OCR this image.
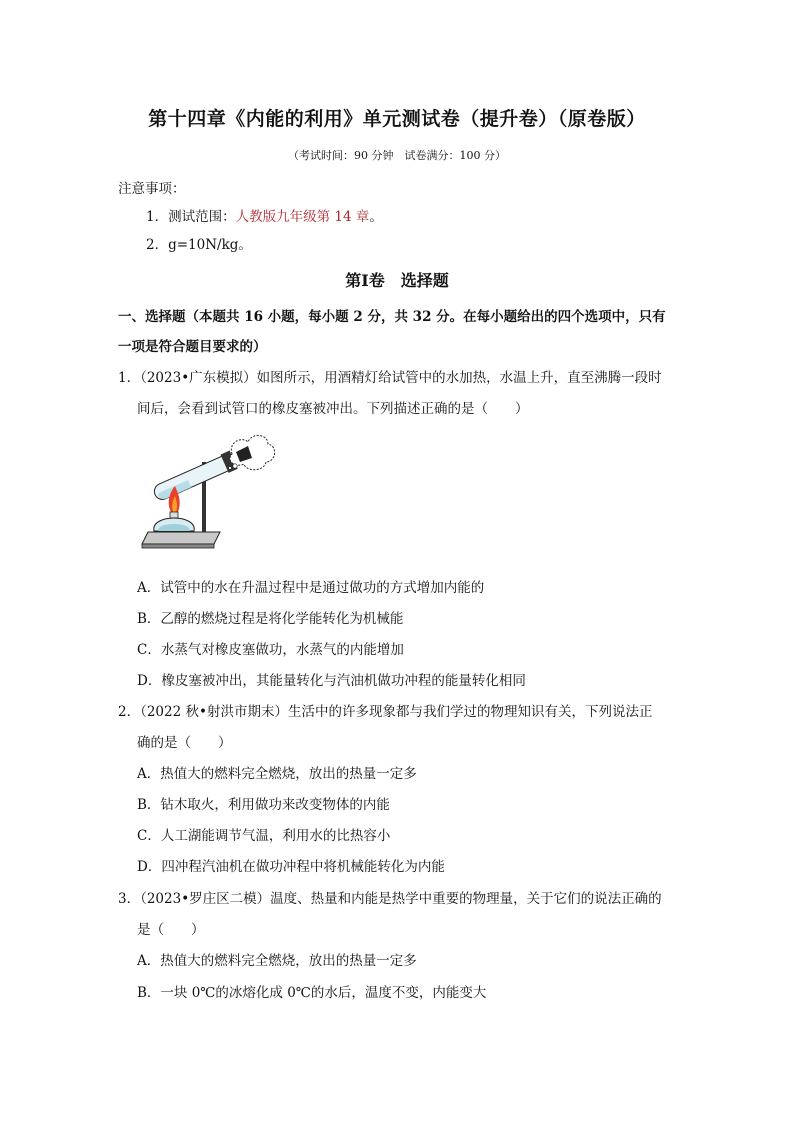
第十四章《内能的利用》单元测试卷（提升卷）（原卷版）
（考试时间：90 分钟　试卷满分：100 分）
注意事项：
1．测试范围：人教版九年级第 14 章。
2．g=10N/kg。
第Ⅰ卷　选择题
一、选择题（本题共 16 小题，每小题 2 分，共 32 分。在每小题给出的四个选项中，只有
一项是符合题目要求的）
1．（2023•广东模拟）如图所示，用酒精灯给试管中的水加热，水温上升，直至沸腾一段时
间后，会看到试管口的橡皮塞被冲出。下列描述正确的是（　　）
A．试管中的水在升温过程中是通过做功的方式增加内能的
B．乙醇的燃烧过程是将化学能转化为机械能
C．水蒸气对橡皮塞做功，水蒸气的内能增加
D．橡皮塞被冲出，其能量转化与汽油机做功冲程的能量转化相同
2．（2022 秋•射洪市期末）生活中的许多现象都与我们学过的物理知识有关，下列说法正
确的是（　　）
A．热值大的燃料完全燃烧，放出的热量一定多
B．钻木取火，利用做功来改变物体的内能
C．人工湖能调节气温，利用水的比热容小
D．四冲程汽油机在做功冲程中将机械能转化为内能
3．（2023•罗庄区二模）温度、热量和内能是热学中重要的物理量，关于它们的说法正确的
是（　　）
A．热值大的燃料完全燃烧，放出的热量一定多
B．一块 0℃的冰熔化成 0℃的水后，温度不变，内能变大
